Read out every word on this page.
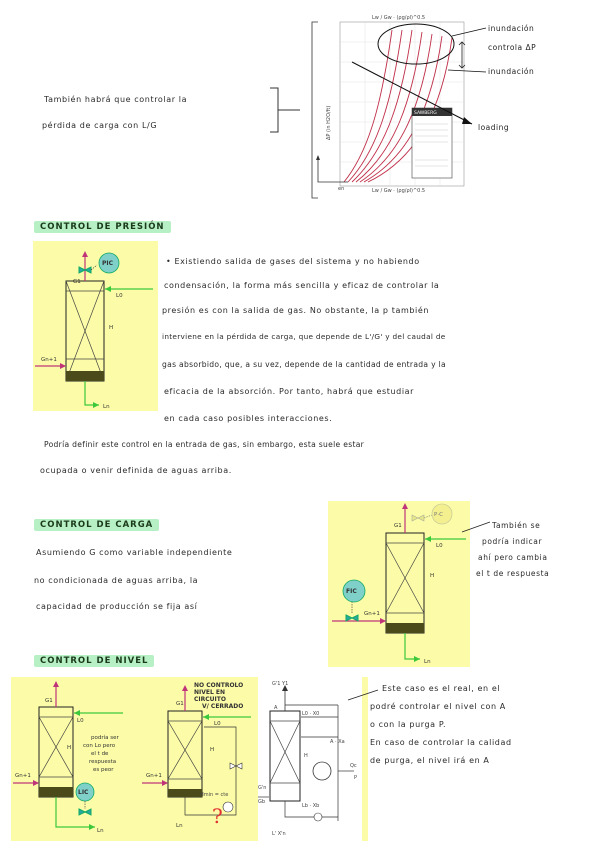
También habrá que controlar la
pérdida de carga con L/G
SAWBERG
Lw / Gw · (ρg/ρl)^0.5
Lw / Gw · (ρg/ρl)^0.5
ΔP (in H2O/ft)
en
inundación
controla ΔP
inundación
loading
CONTROL DE PRESIÓN
PIC
G1
L0
H
Gn+1
Ln
• Existiendo salida de gases del sistema y no habiendo
condensación, la forma más sencilla y eficaz de controlar la
presión es con la salida de gas. No obstante, la p también
interviene en la pérdida de carga, que depende de L'/G' y del caudal de
gas absorbido, que, a su vez, depende de la cantidad de entrada y la
eficacia de la absorción. Por tanto, habrá que estudiar
en cada caso posibles interacciones.
Podría definir este control en la entrada de gas, sin embargo, esta suele estar
ocupada o venir definida de aguas arriba.
CONTROL DE CARGA
Asumiendo G como variable independiente
no condicionada de aguas arriba, la
capacidad de producción se fija así
P·C
FIC
G1
L0
H
Gn+1
Ln
También se
podría indicar
ahí pero cambia
el t de respuesta
CONTROL DE NIVEL
LIC
G1
L0
H
Gn+1
Ln
podría ser
con Lo pero
el t de
respuesta
es peor
?
G1
L0
H
Gn+1
Ln
Hmin = cte
NO CONTROLO
NIVEL EN
CIRCUITO
V/ CERRADO
G'1 Y1
A
L0 · X0
A · Xa
H
Qc
P
G'n
Gb
Lb · Xb
L' X'n
Este caso es el real, en el
podré controlar el nivel con A
o con la purga P.
En caso de controlar la calidad
de purga, el nivel irá en A
